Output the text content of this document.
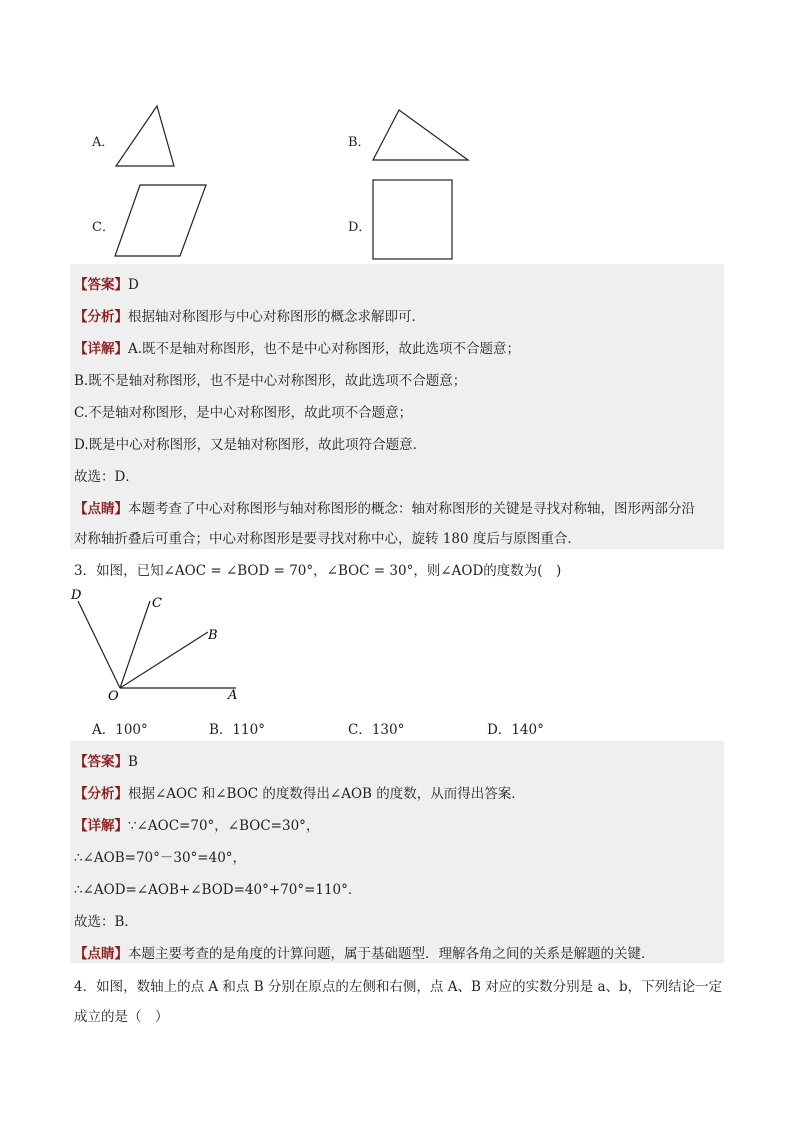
A．	B．
C．	D．
【答案】D
【分析】根据轴对称图形与中心对称图形的概念求解即可．
【详解】A.既不是轴对称图形，也不是中心对称图形，故此选项不合题意；
B.既不是轴对称图形，也不是中心对称图形，故此选项不合题意；
C.不是轴对称图形，是中心对称图形，故此项不合题意；
D.既是中心对称图形，又是轴对称图形，故此项符合题意．
故选：D．
【点睛】本题考查了中心对称图形与轴对称图形的概念：轴对称图形的关键是寻找对称轴，图形两部分沿
对称轴折叠后可重合；中心对称图形是要寻找对称中心，旋转 180 度后与原图重合．
3．如图，已知∠AOC = ∠BOD = 70°，∠BOC = 30°，则∠AOD的度数为(　)
D
C
B
O	A
A．100°	B．110°	C．130°	D．140°
【答案】B
【分析】根据∠AOC 和∠BOC 的度数得出∠AOB 的度数，从而得出答案．
【详解】∵∠AOC=70°，∠BOC=30°，
∴∠AOB=70°－30°=40°，
∴∠AOD=∠AOB+∠BOD=40°+70°=110°．
故选：B．
【点睛】本题主要考查的是角度的计算问题，属于基础题型．理解各角之间的关系是解题的关键．
4．如图，数轴上的点 A 和点 B 分别在原点的左侧和右侧，点 A、B 对应的实数分别是 a、b，下列结论一定
成立的是（　）
